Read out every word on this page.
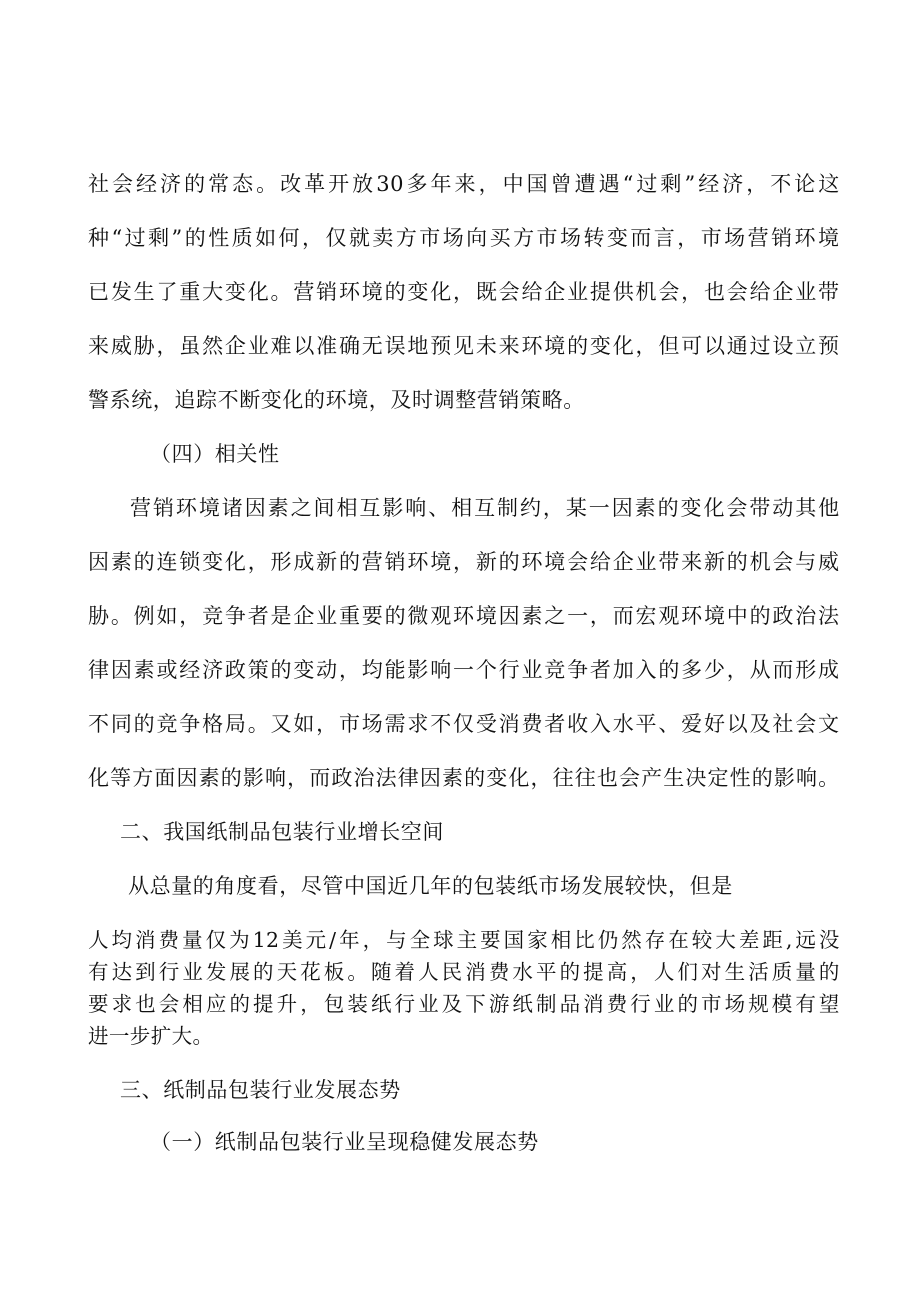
社 会 经 济 的 常 态 。 改 革 开 放 30 多 年 来 ， 中 国 曾 遭 遇 “ 过 剩 ” 经 济 ， 不 论 这
种 “ 过 剩 ” 的 性 质 如 何 ， 仅 就 卖 方 市 场 向 买 方 市 场 转 变 而 言 ， 市 场 营 销 环 境
已 发 生 了 重 大 变 化 。 营 销 环 境 的 变 化 ， 既 会 给 企 业 提 供 机 会 ， 也 会 给 企 业 带
来 威 胁 ， 虽 然 企 业 难 以 准 确 无 误 地 预 见 未 来 环 境 的 变 化 ， 但 可 以 通 过 设 立 预
警系统，追踪不断变化的环境，及时调整营销策略。
（四）相关性
营 销 环 境 诸 因 素 之 间 相 互 影 响 、 相 互 制 约 ， 某 一 因 素 的 变 化 会 带 动 其 他
因 素 的 连 锁 变 化 ， 形 成 新 的 营 销 环 境 ， 新 的 环 境 会 给 企 业 带 来 新 的 机 会 与 威
胁 。 例 如 ， 竞 争 者 是 企 业 重 要 的 微 观 环 境 因 素 之 一 ， 而 宏 观 环 境 中 的 政 治 法
律 因 素 或 经 济 政 策 的 变 动 ， 均 能 影 响 一 个 行 业 竞 争 者 加 入 的 多 少 ， 从 而 形 成
不 同 的 竞 争 格 局 。 又 如 ， 市 场 需 求 不 仅 受 消 费 者 收 入 水 平 、 爱 好 以 及 社 会 文
化 等 方 面 因 素 的 影 响 ， 而 政 治 法 律 因 素 的 变 化 ， 往 往 也 会 产 生 决 定 性 的 影 响 。
二、我国纸制品包装行业增长空间
从总量的角度看，尽管中国近几年的包装纸市场发展较快，但是
人 均 消 费 量 仅 为 12 美 元 / 年 ， 与 全 球 主 要 国 家 相 比 仍 然 存 在 较 大 差 距 , 远 没
有 达 到 行 业 发 展 的 天 花 板 。 随 着 人 民 消 费 水 平 的 提 高 ， 人 们 对 生 活 质 量 的
要 求 也 会 相 应 的 提 升 ， 包 装 纸 行 业 及 下 游 纸 制 品 消 费 行 业 的 市 场 规 模 有 望
进一步扩大。
三、纸制品包装行业发展态势
（一）纸制品包装行业呈现稳健发展态势
